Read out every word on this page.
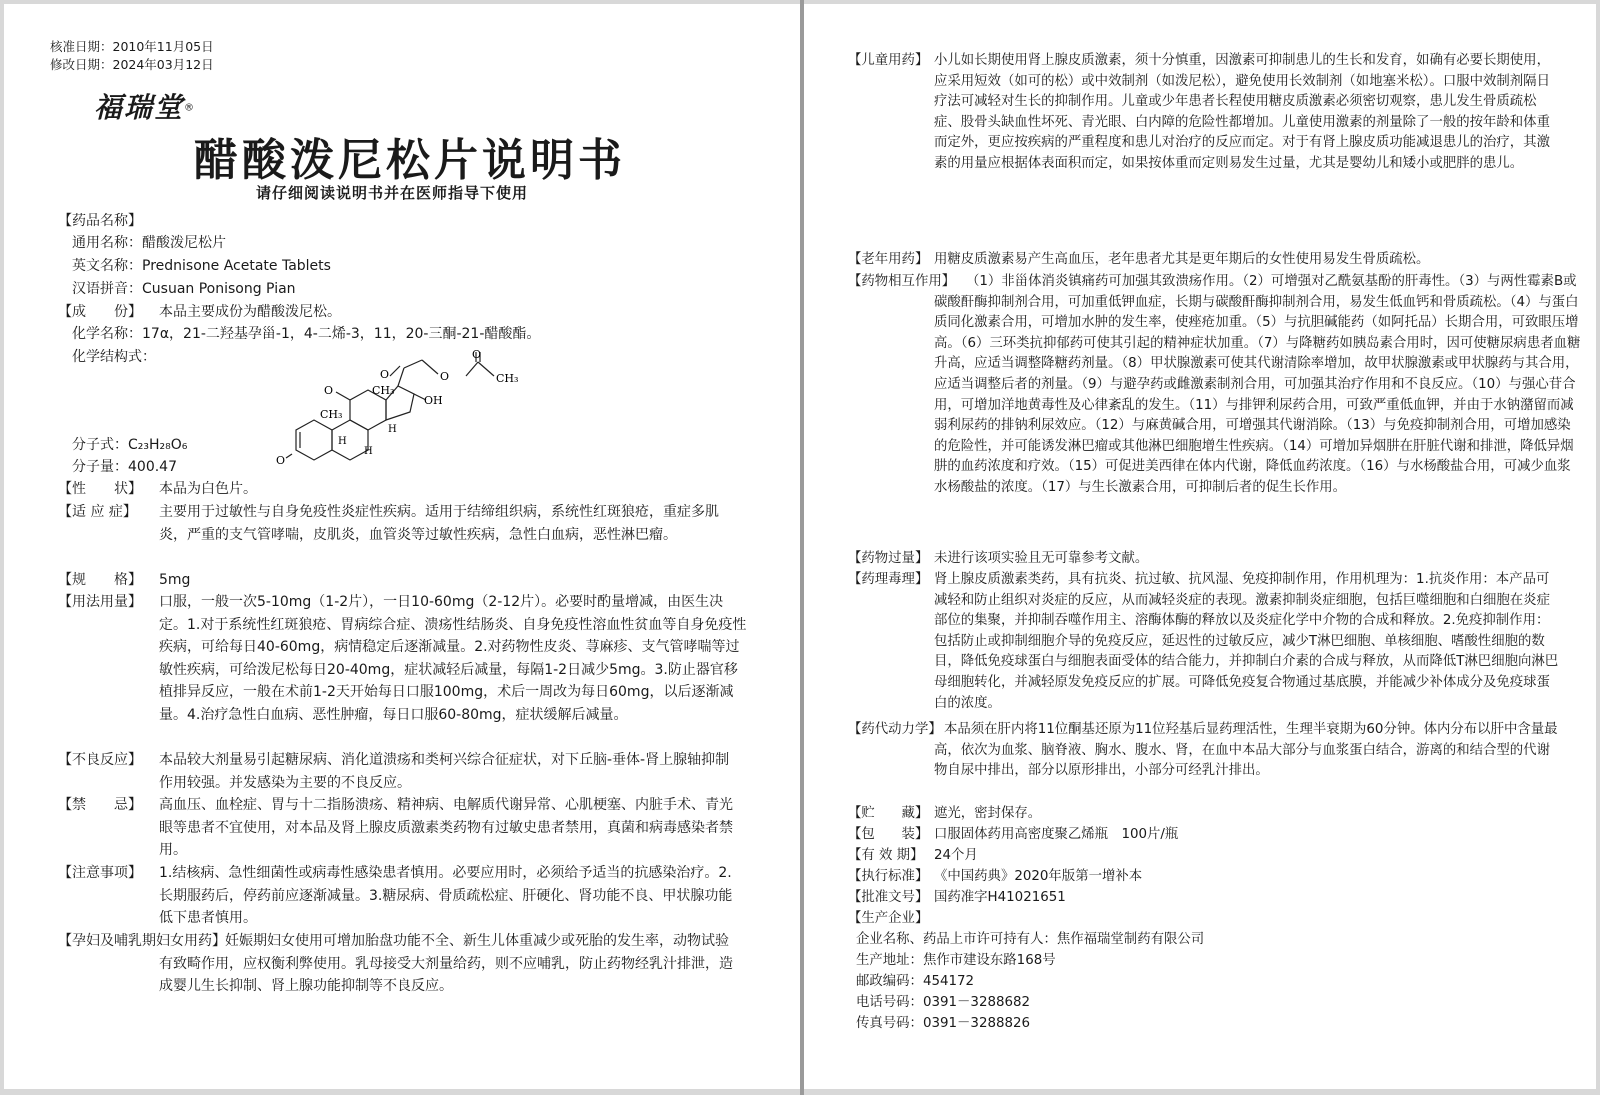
核准日期：2010年11月05日
修改日期：2024年03月12日
福瑞堂®
醋酸泼尼松片说明书
请仔细阅读说明书并在医师指导下使用
【药品名称】
通用名称：醋酸泼尼松片
英文名称：Prednisone Acetate Tablets
汉语拼音：Cusuan Ponisong Pian
【成　　份】 本品主要成份为醋酸泼尼松。
化学名称：17α，21-二羟基孕甾-1，4-二烯-3，11，20-三酮-21-醋酸酯。
化学结构式：
O
O
O
OH
O
O
CH₃
CH₃
CH₃
H
H
H
分子式：C₂₃H₂₈O₆
分子量：400.47
【性　　状】 本品为白色片。
【适 应 症】 主要用于过敏性与自身免疫性炎症性疾病。适用于结缔组织病，系统性红斑狼疮，重症多肌炎，严重的支气管哮喘，皮肌炎，血管炎等过敏性疾病，急性白血病，恶性淋巴瘤。
【规　　格】 5mg
【用法用量】 口服，一般一次5-10mg（1-2片），一日10-60mg（2-12片）。必要时酌量增减，由医生决定。1.对于系统性红斑狼疮、胃病综合症、溃疡性结肠炎、自身免疫性溶血性贫血等自身免疫性疾病，可给每日40-60mg，病情稳定后逐渐减量。2.对药物性皮炎、荨麻疹、支气管哮喘等过敏性疾病，可给泼尼松每日20-40mg，症状减轻后减量，每隔1-2日减少5mg。3.防止器官移植排异反应，一般在术前1-2天开始每日口服100mg，术后一周改为每日60mg，以后逐渐减量。4.治疗急性白血病、恶性肿瘤，每日口服60-80mg，症状缓解后减量。
【不良反应】 本品较大剂量易引起糖尿病、消化道溃疡和类柯兴综合征症状，对下丘脑-垂体-肾上腺轴抑制作用较强。并发感染为主要的不良反应。
【禁　　忌】 高血压、血栓症、胃与十二指肠溃疡、精神病、电解质代谢异常、心肌梗塞、内脏手术、青光眼等患者不宜使用，对本品及肾上腺皮质激素类药物有过敏史患者禁用，真菌和病毒感染者禁用。
【注意事项】 1.结核病、急性细菌性或病毒性感染患者慎用。必要应用时，必须给予适当的抗感染治疗。2.长期服药后，停药前应逐渐减量。3.糖尿病、骨质疏松症、肝硬化、肾功能不良、甲状腺功能低下患者慎用。
【孕妇及哺乳期妇女用药】 妊娠期妇女使用可增加胎盘功能不全、新生儿体重减少或死胎的发生率，动物试验有致畸作用，应权衡利弊使用。乳母接受大剂量给药，则不应哺乳，防止药物经乳汁排泄，造成婴儿生长抑制、肾上腺功能抑制等不良反应。
【儿童用药】 小儿如长期使用肾上腺皮质激素，须十分慎重，因激素可抑制患儿的生长和发育，如确有必要长期使用，应采用短效（如可的松）或中效制剂（如泼尼松），避免使用长效制剂（如地塞米松）。口服中效制剂隔日疗法可减轻对生长的抑制作用。儿童或少年患者长程使用糖皮质激素必须密切观察，患儿发生骨质疏松症、股骨头缺血性坏死、青光眼、白内障的危险性都增加。儿童使用激素的剂量除了一般的按年龄和体重而定外，更应按疾病的严重程度和患儿对治疗的反应而定。对于有肾上腺皮质功能减退患儿的治疗，其激素的用量应根据体表面积而定，如果按体重而定则易发生过量，尤其是婴幼儿和矮小或肥胖的患儿。
【老年用药】 用糖皮质激素易产生高血压，老年患者尤其是更年期后的女性使用易发生骨质疏松。
【药物相互作用】 （1）非甾体消炎镇痛药可加强其致溃疡作用。（2）可增强对乙酰氨基酚的肝毒性。（3）与两性霉素B或碳酸酐酶抑制剂合用，可加重低钾血症，长期与碳酸酐酶抑制剂合用，易发生低血钙和骨质疏松。（4）与蛋白质同化激素合用，可增加水肿的发生率，使痤疮加重。（5）与抗胆碱能药（如阿托品）长期合用，可致眼压增高。（6）三环类抗抑郁药可使其引起的精神症状加重。（7）与降糖药如胰岛素合用时，因可使糖尿病患者血糖升高，应适当调整降糖药剂量。（8）甲状腺激素可使其代谢清除率增加，故甲状腺激素或甲状腺药与其合用，应适当调整后者的剂量。（9）与避孕药或雌激素制剂合用，可加强其治疗作用和不良反应。（10）与强心苷合用，可增加洋地黄毒性及心律紊乱的发生。（11）与排钾利尿药合用，可致严重低血钾，并由于水钠潴留而减弱利尿药的排钠利尿效应。（12）与麻黄碱合用，可增强其代谢消除。（13）与免疫抑制剂合用，可增加感染的危险性，并可能诱发淋巴瘤或其他淋巴细胞增生性疾病。（14）可增加异烟肼在肝脏代谢和排泄，降低异烟肼的血药浓度和疗效。（15）可促进美西律在体内代谢，降低血药浓度。（16）与水杨酸盐合用，可减少血浆水杨酸盐的浓度。（17）与生长激素合用，可抑制后者的促生长作用。
【药物过量】 未进行该项实验且无可靠参考文献。
【药理毒理】 肾上腺皮质激素类药，具有抗炎、抗过敏、抗风湿、免疫抑制作用，作用机理为：1.抗炎作用：本产品可减轻和防止组织对炎症的反应，从而减轻炎症的表现。激素抑制炎症细胞，包括巨噬细胞和白细胞在炎症部位的集聚，并抑制吞噬作用主、溶酶体酶的释放以及炎症化学中介物的合成和释放。2.免疫抑制作用：包括防止或抑制细胞介导的免疫反应，延迟性的过敏反应，减少T淋巴细胞、单核细胞、嗜酸性细胞的数目，降低免疫球蛋白与细胞表面受体的结合能力，并抑制白介素的合成与释放，从而降低T淋巴细胞向淋巴母细胞转化，并减轻原发免疫反应的扩展。可降低免疫复合物通过基底膜，并能减少补体成分及免疫球蛋白的浓度。
【药代动力学】 本品须在肝内将11位酮基还原为11位羟基后显药理活性，生理半衰期为60分钟。体内分布以肝中含量最高，依次为血浆、脑脊液、胸水、腹水、肾，在血中本品大部分与血浆蛋白结合，游离的和结合型的代谢物自尿中排出，部分以原形排出，小部分可经乳汁排出。
【贮　　藏】 遮光，密封保存。
【包　　装】 口服固体药用高密度聚乙烯瓶　100片/瓶
【有 效 期】 24个月
【执行标准】 《中国药典》2020年版第一增补本
【批准文号】 国药准字H41021651
【生产企业】
企业名称、药品上市许可持有人：焦作福瑞堂制药有限公司
生产地址：焦作市建设东路168号
邮政编码：454172
电话号码：0391－3288682
传真号码：0391－3288826
